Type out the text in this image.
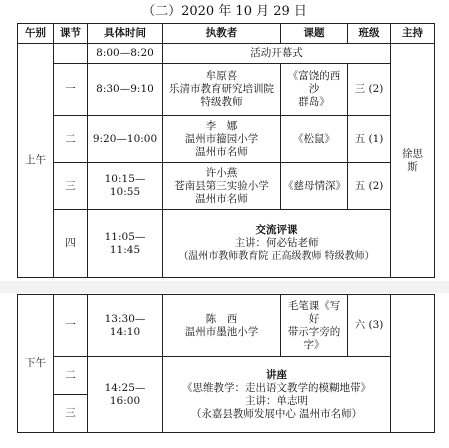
（二）2020 年 10 月 29 日
午别	课节	具体时间	执教者	课题	班级	主持
上午		8:00—8:20	活动开幕式			徐思
斯
	一	8:30—9:10	牟原喜
乐清市教育研究培训院
特级教师	《富饶的西沙
群岛》	三 (2)	
	二	9:20—10:00	李　娜
温州市籀园小学
温州市名师	《松鼠》	五 (1)	
	三	10:15—10:55	许小燕
苍南县第三实验小学
温州市名师	《慈母情深》	五 (2)	
	四	11:05—11:45	交流评课
主讲：何必钻老师
（温州市教师教育院 正高级教师 特级教师）			
下午	一	13:30—14:10	陈　西
温州市墨池小学	毛笔课《写好
带示字旁的
字》	六 (3)	
	二	14:25—16:00	讲座
《思维教学：走出语文教学的模糊地带》
主讲：单志明
（永嘉县教师发展中心 温州市名师）			

	三					
